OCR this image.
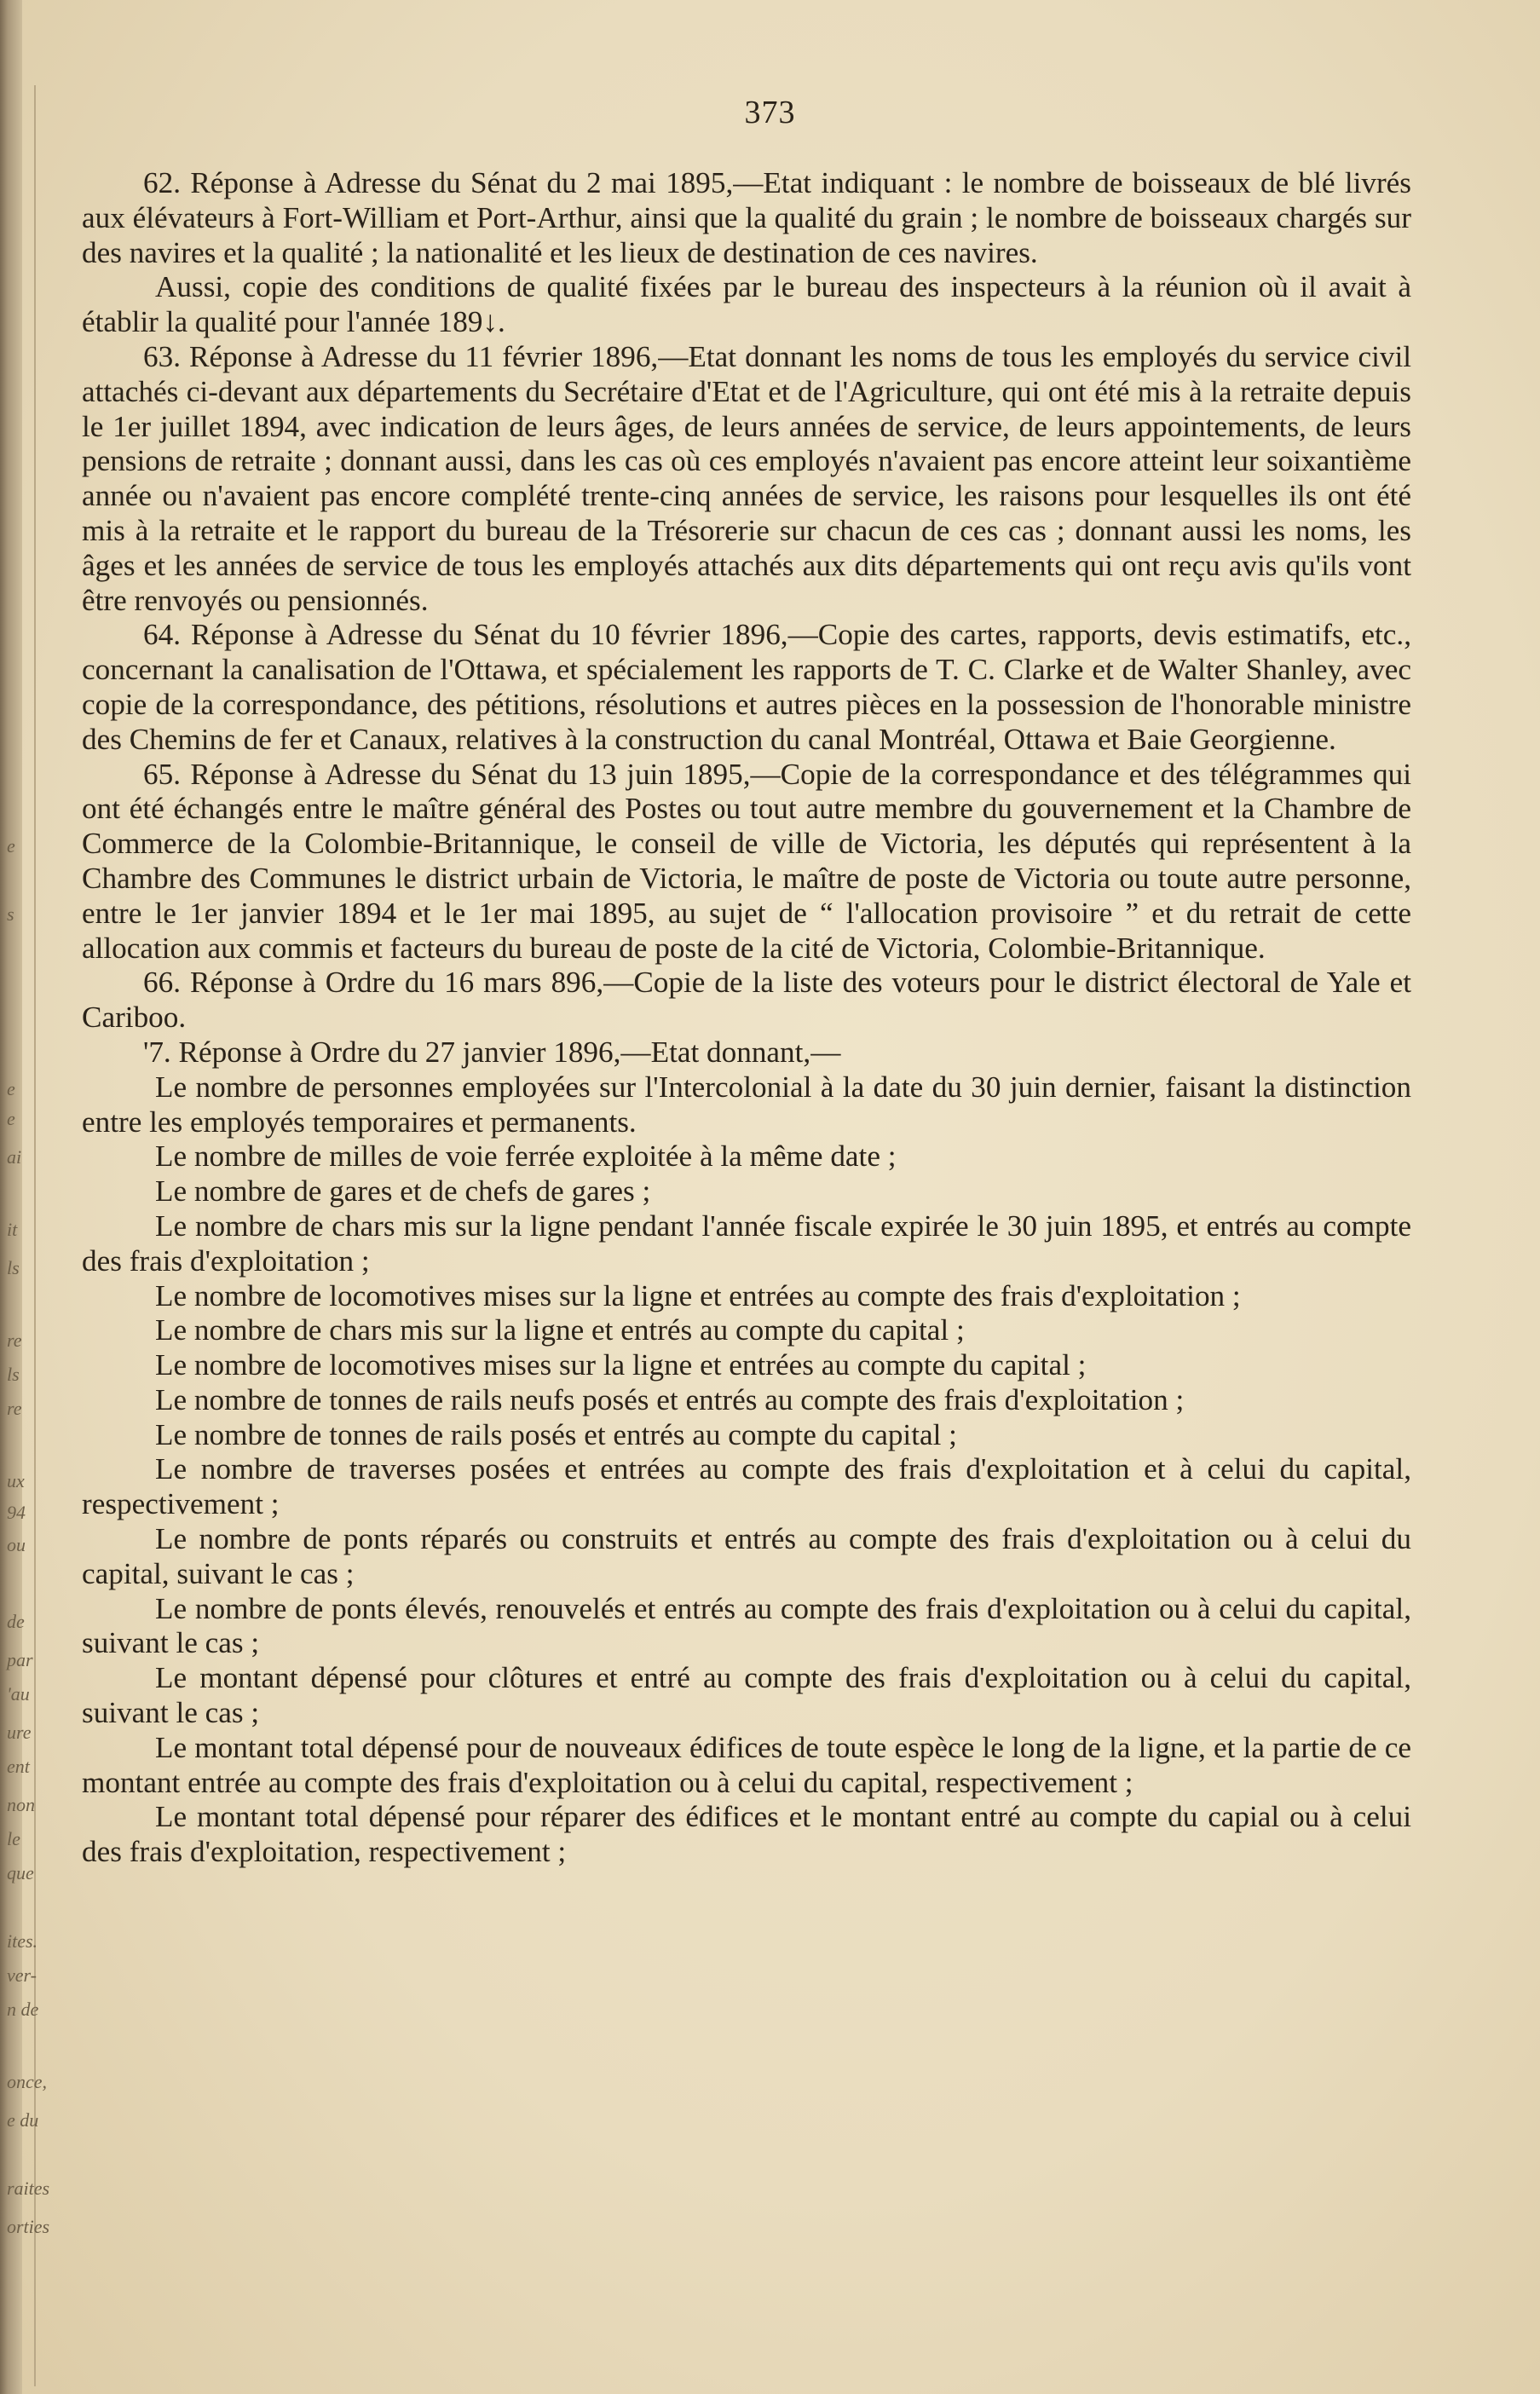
e
s
e
e
ai
it
ls
re
ls
re
ux
94
ou
de
par
'au
ure
ent
non
le
que
ites.
ver-
n de
once,
e du
raites
orties
373

62. Réponse à Adresse du Sénat du 2 mai 1895,—Etat indiquant : le nombre de boisseaux de blé livrés aux élévateurs à Fort-William et Port-Arthur, ainsi que la qualité du grain ; le nombre de boisseaux chargés sur des navires et la qualité ; la nationalité et les lieux de destination de ces navires.

Aussi, copie des conditions de qualité fixées par le bureau des inspecteurs à la réunion où il avait à établir la qualité pour l'année 189↓.

63. Réponse à Adresse du 11 février 1896,—Etat donnant les noms de tous les employés du service civil attachés ci-devant aux départements du Secrétaire d'Etat et de l'Agriculture, qui ont été mis à la retraite depuis le 1er juillet 1894, avec indication de leurs âges, de leurs années de service, de leurs appointements, de leurs pensions de retraite ; donnant aussi, dans les cas où ces employés n'avaient pas encore atteint leur soixantième année ou n'avaient pas encore complété trente-cinq années de service, les raisons pour lesquelles ils ont été mis à la retraite et le rapport du bureau de la Trésorerie sur chacun de ces cas ; donnant aussi les noms, les âges et les années de service de tous les employés attachés aux dits départements qui ont reçu avis qu'ils vont être renvoyés ou pensionnés.

64. Réponse à Adresse du Sénat du 10 février 1896,—Copie des cartes, rapports, devis estimatifs, etc., concernant la canalisation de l'Ottawa, et spécialement les rapports de T. C. Clarke et de Walter Shanley, avec copie de la correspondance, des pétitions, résolutions et autres pièces en la possession de l'honorable ministre des Chemins de fer et Canaux, relatives à la construction du canal Montréal, Ottawa et Baie Georgienne.

65. Réponse à Adresse du Sénat du 13 juin 1895,—Copie de la correspondance et des télégrammes qui ont été échangés entre le maître général des Postes ou tout autre membre du gouvernement et la Chambre de Commerce de la Colombie-Britannique, le conseil de ville de Victoria, les députés qui représentent à la Chambre des Communes le district urbain de Victoria, le maître de poste de Victoria ou toute autre personne, entre le 1er janvier 1894 et le 1er mai 1895, au sujet de “ l'allocation provisoire ” et du retrait de cette allocation aux commis et facteurs du bureau de poste de la cité de Victoria, Colombie-Britannique.

66. Réponse à Ordre du 16 mars 896,—Copie de la liste des voteurs pour le district électoral de Yale et Cariboo.

'7. Réponse à Ordre du 27 janvier 1896,—Etat donnant,—

Le nombre de personnes employées sur l'Intercolonial à la date du 30 juin dernier, faisant la distinction entre les employés temporaires et permanents.

Le nombre de milles de voie ferrée exploitée à la même date ;

Le nombre de gares et de chefs de gares ;

Le nombre de chars mis sur la ligne pendant l'année fiscale expirée le 30 juin 1895, et entrés au compte des frais d'exploitation ;

Le nombre de locomotives mises sur la ligne et entrées au compte des frais d'exploitation ;

Le nombre de chars mis sur la ligne et entrés au compte du capital ;

Le nombre de locomotives mises sur la ligne et entrées au compte du capital ;

Le nombre de tonnes de rails neufs posés et entrés au compte des frais d'exploitation ;

Le nombre de tonnes de rails posés et entrés au compte du capital ;

Le nombre de traverses posées et entrées au compte des frais d'exploitation et à celui du capital, respectivement ;

Le nombre de ponts réparés ou construits et entrés au compte des frais d'exploitation ou à celui du capital, suivant le cas ;

Le nombre de ponts élevés, renouvelés et entrés au compte des frais d'exploitation ou à celui du capital, suivant le cas ;

Le montant dépensé pour clôtures et entré au compte des frais d'exploitation ou à celui du capital, suivant le cas ;

Le montant total dépensé pour de nouveaux édifices de toute espèce le long de la ligne, et la partie de ce montant entrée au compte des frais d'exploitation ou à celui du capital, respectivement ;

Le montant total dépensé pour réparer des édifices et le montant entré au compte du capial ou à celui des frais d'exploitation, respectivement ;
